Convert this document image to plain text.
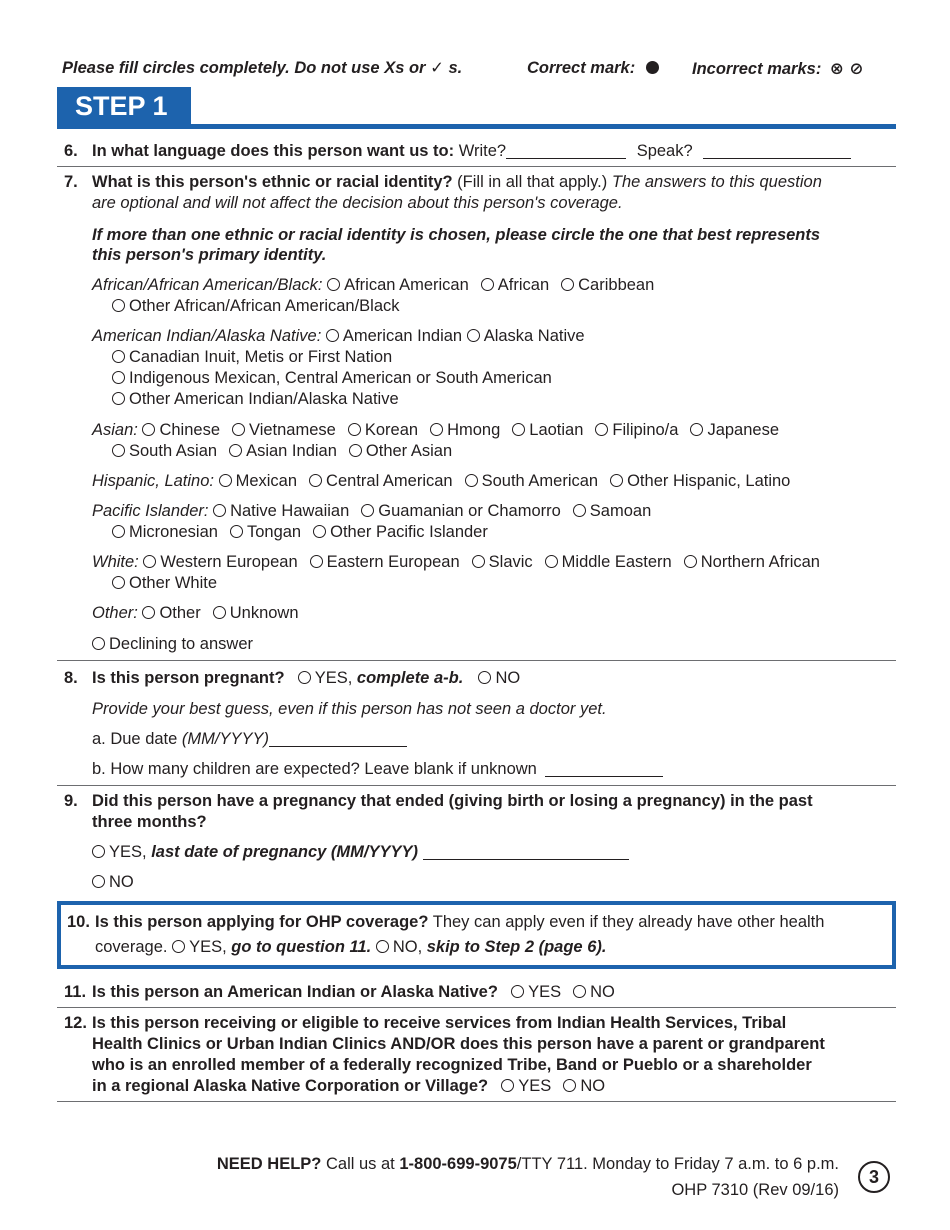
Please fill circles completely. Do not use Xs or ✓ s.	Correct mark:	Incorrect marks: ⊗ ⊘
STEP 1
6. In what language does this person want us to: Write?	Speak?
7. What is this person's ethnic or racial identity? (Fill in all that apply.) The answers to this question
are optional and will not affect the decision about this person's coverage.
If more than one ethnic or racial identity is chosen, please circle the one that best represents
this person's primary identity.
African/African American/Black: African American African Caribbean
Other African/African American/Black
American Indian/Alaska Native: American Indian Alaska Native
Canadian Inuit, Metis or First Nation
Indigenous Mexican, Central American or South American
Other American Indian/Alaska Native
Asian: Chinese Vietnamese Korean Hmong Laotian Filipino/a Japanese
South Asian Asian Indian Other Asian
Hispanic, Latino: Mexican Central American South American Other Hispanic, Latino
Pacific Islander: Native Hawaiian Guamanian or Chamorro Samoan
Micronesian Tongan Other Pacific Islander
White: Western European Eastern European Slavic Middle Eastern Northern African
Other White
Other: Other Unknown
Declining to answer
8. Is this person pregnant? YES, complete a-b. NO
Provide your best guess, even if this person has not seen a doctor yet.
a. Due date (MM/YYYY)
b. How many children are expected? Leave blank if unknown
9. Did this person have a pregnancy that ended (giving birth or losing a pregnancy) in the past
three months?
YES, last date of pregnancy (MM/YYYY)
NO
10. Is this person applying for OHP coverage? They can apply even if they already have other health
coverage. YES, go to question 11. NO, skip to Step 2 (page 6).
11. Is this person an American Indian or Alaska Native? YES NO
12. Is this person receiving or eligible to receive services from Indian Health Services, Tribal
Health Clinics or Urban Indian Clinics AND/OR does this person have a parent or grandparent
who is an enrolled member of a federally recognized Tribe, Band or Pueblo or a shareholder
in a regional Alaska Native Corporation or Village? YES NO
NEED HELP? Call us at 1-800-699-9075/TTY 711. Monday to Friday 7 a.m. to 6 p.m.
OHP 7310 (Rev 09/16)
3
